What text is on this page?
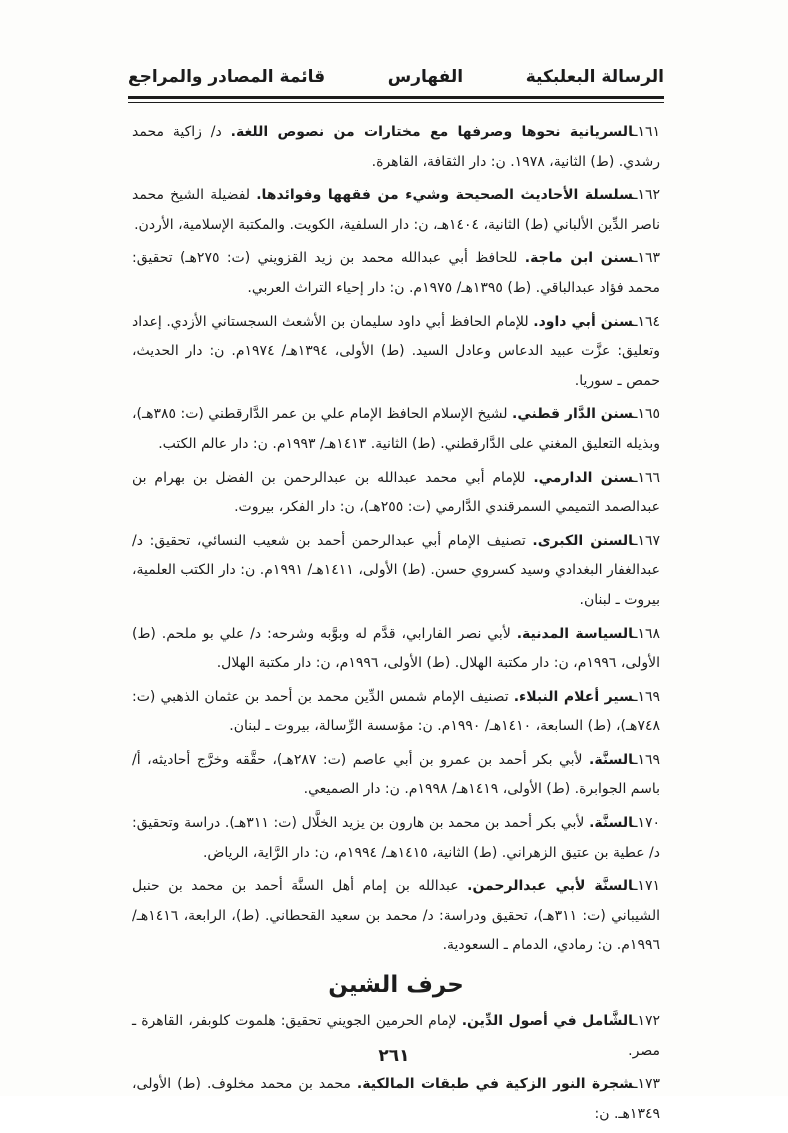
الرسالة البعلبكية
الفهارس
قائمة المصادر والمراجع

١٦١ـالسريانية نحوها وصرفها مع مختارات من نصوص اللغة. د/ زاكية محمد رشدي. (ط) الثانية، ١٩٧٨. ن: دار الثقافة، القاهرة.

١٦٢ـسلسلة الأحاديث الصحيحة وشيء من فقهها وفوائدها. لفضيلة الشيخ محمد ناصر الدِّين الألباني (ط) الثانية، ١٤٠٤هـ، ن: دار السلفية، الكويت. والمكتبة الإسلامية، الأردن.

١٦٣ـسنن ابن ماجة. للحافظ أبي عبدالله محمد بن زيد القزويني (ت: ٢٧٥هـ) تحقيق: محمد فؤاد عبدالباقي. (ط) ١٣٩٥هـ/ ١٩٧٥م. ن: دار إحياء التراث العربي.

١٦٤ـسنن أبي داود. للإمام الحافظ أبي داود سليمان بن الأشعث السجستاني الأزدي. إعداد وتعليق: عزَّت عبيد الدعاس وعادل السيد. (ط) الأولى، ١٣٩٤هـ/ ١٩٧٤م. ن: دار الحديث، حمص ـ سوريا.

١٦٥ـسنن الدَّار قطني. لشيخ الإسلام الحافظ الإمام علي بن عمر الدَّارقطني (ت: ٣٨٥هـ)، وبذيله التعليق المغني على الدَّارقطني. (ط) الثانية. ١٤١٣هـ/ ١٩٩٣م. ن: دار عالم الكتب.

١٦٦ـسنن الدارمي. للإمام أبي محمد عبدالله بن عبدالرحمن بن الفضل بن بهرام بن عبدالصمد التميمي السمرقندي الدَّارمي (ت: ٢٥٥هـ)، ن: دار الفكر، بيروت.

١٦٧ـالسنن الكبرى. تصنيف الإمام أبي عبدالرحمن أحمد بن شعيب النسائي، تحقيق: د/ عبدالغفار البغدادي وسيد كسروي حسن. (ط) الأولى، ١٤١١هـ/ ١٩٩١م. ن: دار الكتب العلمية، بيروت ـ لبنان.

١٦٨ـالسياسة المدنية. لأبي نصر الفارابي، قدَّم له وبوَّبه وشرحه: د/ علي بو ملحم. (ط) الأولى، ١٩٩٦م، ن: دار مكتبة الهلال. (ط) الأولى، ١٩٩٦م، ن: دار مكتبة الهلال.

١٦٩ـسير أعلام النبلاء. تصنيف الإمام شمس الدِّين محمد بن أحمد بن عثمان الذهبي (ت: ٧٤٨هـ)، (ط) السابعة، ١٤١٠هـ/ ١٩٩٠م. ن: مؤسسة الرِّسالة، بيروت ـ لبنان.

١٦٩ـالسنَّة. لأبي بكر أحمد بن عمرو بن أبي عاصم (ت: ٢٨٧هـ)، حقَّقه وخرَّج أحاديثه، أ/ باسم الجوابرة. (ط) الأولى، ١٤١٩هـ/ ١٩٩٨م. ن: دار الصميعي.

١٧٠ـالسنَّة. لأبي بكر أحمد بن محمد بن هارون بن يزيد الخلَّال (ت: ٣١١هـ). دراسة وتحقيق: د/ عطية بن عتيق الزهراني. (ط) الثانية، ١٤١٥هـ/ ١٩٩٤م، ن: دار الرَّاية، الرياض.

١٧١ـالسنَّة لأبي عبدالرحمن. عبدالله بن إمام أهل السنَّة أحمد بن محمد بن حنبل الشيباني (ت: ٣١١هـ)، تحقيق ودراسة: د/ محمد بن سعيد القحطاني. (ط)، الرابعة، ١٤١٦هـ/ ١٩٩٦م. ن: رمادي، الدمام ـ السعودية.

حرف الشين

١٧٢ـالشَّامل في أصول الدِّين. لإمام الحرمين الجويني تحقيق: هلموت كلوبفر، القاهرة ـ مصر.

١٧٣ـشجرة النور الزكية في طبقات المالكية. محمد بن محمد مخلوف. (ط) الأولى، ١٣٤٩هـ. ن:

٢٦١
